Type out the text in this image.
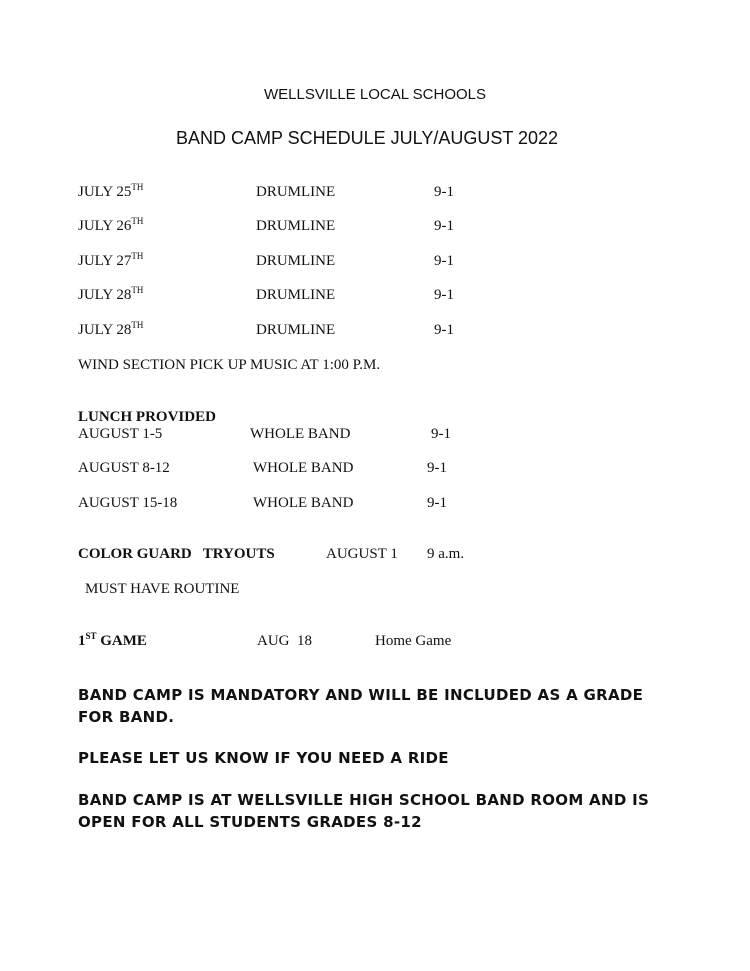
WELLSVILLE LOCAL SCHOOLS
BAND CAMP SCHEDULE JULY/AUGUST 2022
JULY 25TH	DRUMLINE	9-1
JULY 26TH	DRUMLINE	9-1
JULY 27TH	DRUMLINE	9-1
JULY 28TH	DRUMLINE	9-1
JULY 28TH	DRUMLINE	9-1
WIND SECTION PICK UP MUSIC AT 1:00 P.M.
LUNCH PROVIDED
AUGUST 1-5	WHOLE BAND	9-1
AUGUST 8-12	WHOLE BAND	9-1
AUGUST 15-18	WHOLE BAND	9-1
COLOR GUARD   TRYOUTS	AUGUST 1 9 a.m.
MUST HAVE ROUTINE
1ST GAME	AUG  18	Home Game
BAND CAMP IS MANDATORY AND WILL BE INCLUDED AS A GRADE FOR BAND.
PLEASE LET US KNOW IF YOU NEED A RIDE
BAND CAMP IS AT WELLSVILLE HIGH SCHOOL BAND ROOM AND IS OPEN FOR ALL STUDENTS GRADES 8-12
